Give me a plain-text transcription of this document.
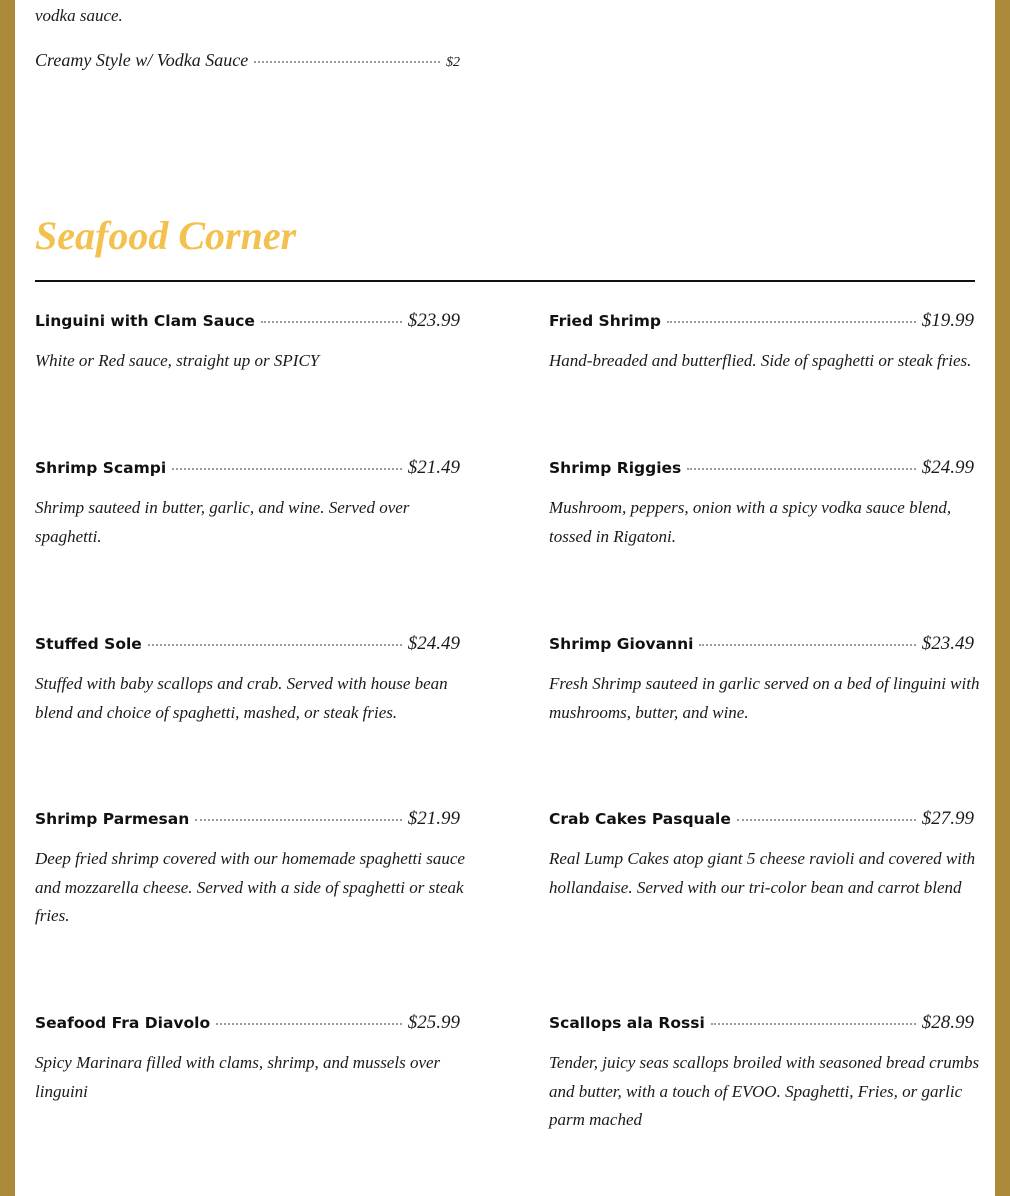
vodka sauce.
Creamy Style w/ Vodka Sauce	$2
Seafood Corner
Linguini with Clam Sauce	$23.99
White or Red sauce, straight up or SPICY
Fried Shrimp	$19.99
Hand-breaded and butterflied. Side of spaghetti or steak fries.
Shrimp Scampi	$21.49
Shrimp sauteed in butter, garlic, and wine. Served over spaghetti.
Shrimp Riggies	$24.99
Mushroom, peppers, onion with a spicy vodka sauce blend, tossed in Rigatoni.
Stuffed Sole	$24.49
Stuffed with baby scallops and crab. Served with house bean blend and choice of spaghetti, mashed, or steak fries.
Shrimp Giovanni	$23.49
Fresh Shrimp sauteed in garlic served on a bed of linguini with mushrooms, butter, and wine.
Shrimp Parmesan	$21.99
Deep fried shrimp covered with our homemade spaghetti sauce and mozzarella cheese. Served with a side of spaghetti or steak fries.
Crab Cakes Pasquale	$27.99
Real Lump Cakes atop giant 5 cheese ravioli and covered with hollandaise. Served with our tri-color bean and carrot blend
Seafood Fra Diavolo	$25.99
Spicy Marinara filled with clams, shrimp, and mussels over linguini
Scallops ala Rossi	$28.99
Tender, juicy seas scallops broiled with seasoned bread crumbs and butter, with a touch of EVOO. Spaghetti, Fries, or garlic parm mached
